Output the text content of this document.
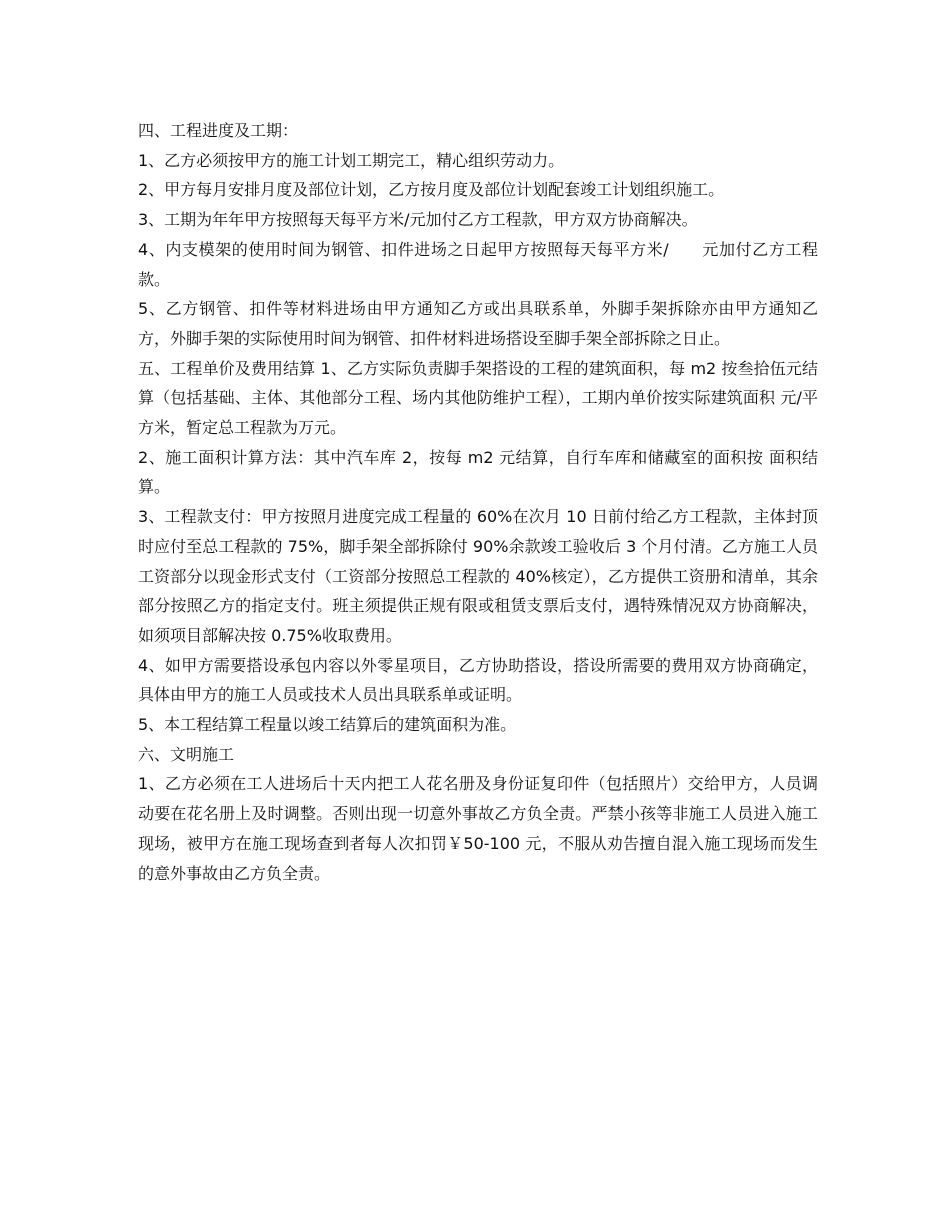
四、工程进度及工期：

1、乙方必须按甲方的施工计划工期完工，精心组织劳动力。

2、甲方每月安排月度及部位计划，乙方按月度及部位计划配套竣工计划组织施工。

3、工期为年年甲方按照每天每平方米/元加付乙方工程款，甲方双方协商解决。

4、内支模架的使用时间为钢管、扣件进场之日起甲方按照每天每平方米/　　元加付乙方工程款。

5、乙方钢管、扣件等材料进场由甲方通知乙方或出具联系单，外脚手架拆除亦由甲方通知乙方，外脚手架的实际使用时间为钢管、扣件材料进场搭设至脚手架全部拆除之日止。

五、工程单价及费用结算 1、乙方实际负责脚手架搭设的工程的建筑面积，每 m2 按叁拾伍元结算（包括基础、主体、其他部分工程、场内其他防维护工程），工期内单价按实际建筑面积 元/平方米，暂定总工程款为万元。

2、施工面积计算方法：其中汽车库 2，按每 m2 元结算，自行车库和储藏室的面积按 面积结算。

3、工程款支付：甲方按照月进度完成工程量的 60%在次月 10 日前付给乙方工程款，主体封顶时应付至总工程款的 75%，脚手架全部拆除付 90%余款竣工验收后 3 个月付清。乙方施工人员工资部分以现金形式支付（工资部分按照总工程款的 40%核定），乙方提供工资册和清单，其余部分按照乙方的指定支付。班主须提供正规有限或租赁支票后支付，遇特殊情况双方协商解决，如须项目部解决按 0.75%收取费用。

4、如甲方需要搭设承包内容以外零星项目，乙方协助搭设，搭设所需要的费用双方协商确定，具体由甲方的施工人员或技术人员出具联系单或证明。

5、本工程结算工程量以竣工结算后的建筑面积为准。

六、文明施工

1、乙方必须在工人进场后十天内把工人花名册及身份证复印件（包括照片）交给甲方，人员调动要在花名册上及时调整。否则出现一切意外事故乙方负全责。严禁小孩等非施工人员进入施工现场，被甲方在施工现场查到者每人次扣罚￥50-100 元，不服从劝告擅自混入施工现场而发生的意外事故由乙方负全责。
